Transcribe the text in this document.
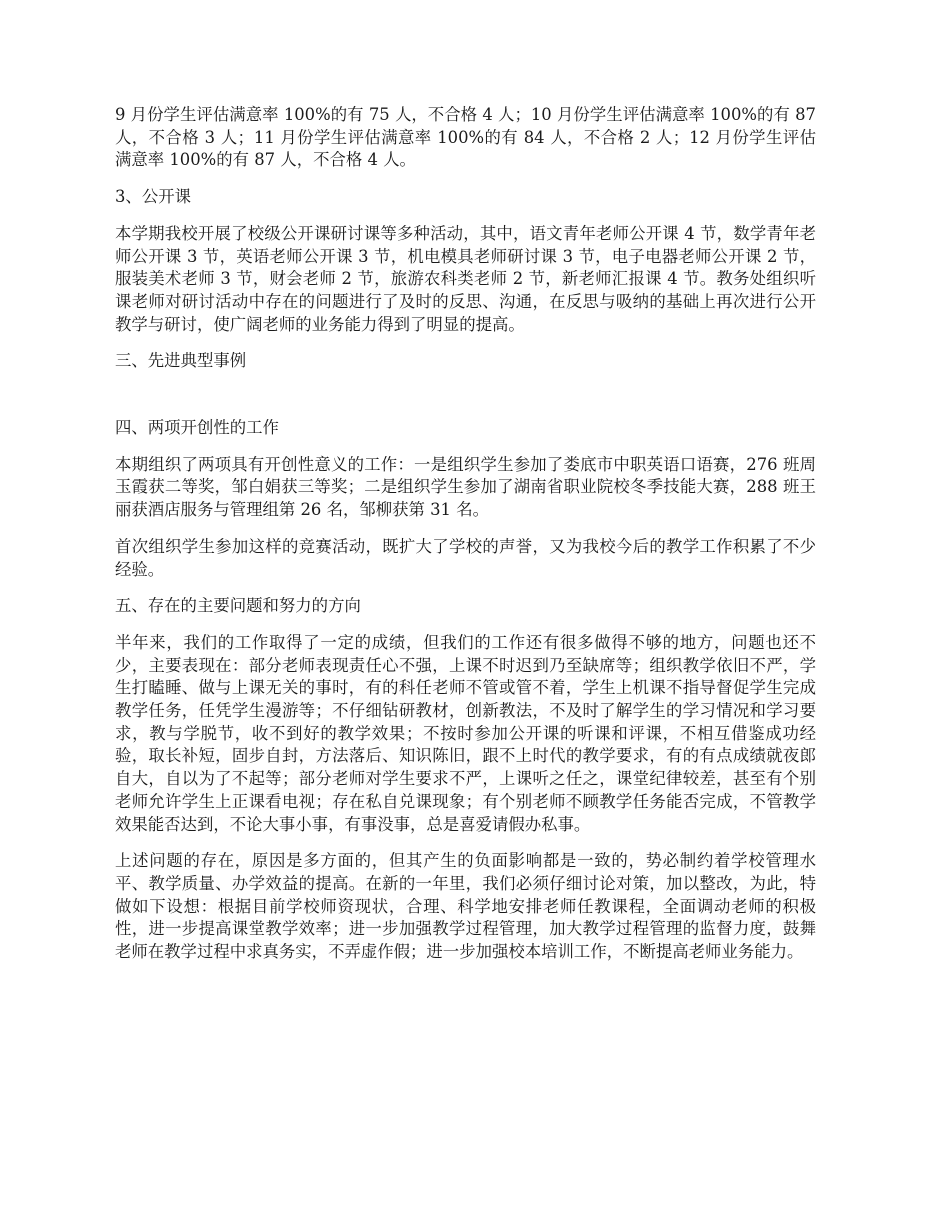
9 月份学生评估满意率 100%的有 75 人，不合格 4 人；10 月份学生评估满意率 100%的有 87 人，不合格 3 人；11 月份学生评估满意率 100%的有 84 人，不合格 2 人；12 月份学生评估满意率 100%的有 87 人，不合格 4 人。

3、公开课

本学期我校开展了校级公开课研讨课等多种活动，其中，语文青年老师公开课 4 节，数学青年老师公开课 3 节，英语老师公开课 3 节，机电模具老师研讨课 3 节，电子电器老师公开课 2 节，服装美术老师 3 节，财会老师 2 节，旅游农科类老师 2 节，新老师汇报课 4 节。教务处组织听课老师对研讨活动中存在的问题进行了及时的反思、沟通，在反思与吸纳的基础上再次进行公开教学与研讨，使广阔老师的业务能力得到了明显的提高。

三、先进典型事例

四、两项开创性的工作

本期组织了两项具有开创性意义的工作：一是组织学生参加了娄底市中职英语口语赛，276 班周玉霞获二等奖，邹白娟获三等奖；二是组织学生参加了湖南省职业院校冬季技能大赛，288 班王丽获酒店服务与管理组第 26 名，邹柳获第 31 名。

首次组织学生参加这样的竞赛活动，既扩大了学校的声誉，又为我校今后的教学工作积累了不少经验。

五、存在的主要问题和努力的方向

半年来，我们的工作取得了一定的成绩，但我们的工作还有很多做得不够的地方，问题也还不少，主要表现在：部分老师表现责任心不强，上课不时迟到乃至缺席等；组织教学依旧不严，学生打瞌睡、做与上课无关的事时，有的科任老师不管或管不着，学生上机课不指导督促学生完成教学任务，任凭学生漫游等；不仔细钻研教材，创新教法，不及时了解学生的学习情况和学习要求，教与学脱节，收不到好的教学效果；不按时参加公开课的听课和评课，不相互借鉴成功经验，取长补短，固步自封，方法落后、知识陈旧，跟不上时代的教学要求，有的有点成绩就夜郎自大，自以为了不起等；部分老师对学生要求不严，上课听之任之，课堂纪律较差，甚至有个别老师允许学生上正课看电视；存在私自兑课现象；有个别老师不顾教学任务能否完成，不管教学效果能否达到，不论大事小事，有事没事，总是喜爱请假办私事。

上述问题的存在，原因是多方面的，但其产生的负面影响都是一致的，势必制约着学校管理水平、教学质量、办学效益的提高。在新的一年里，我们必须仔细讨论对策，加以整改，为此，特做如下设想：根据目前学校师资现状，合理、科学地安排老师任教课程，全面调动老师的积极性，进一步提高课堂教学效率；进一步加强教学过程管理，加大教学过程管理的监督力度，鼓舞老师在教学过程中求真务实，不弄虚作假；进一步加强校本培训工作，不断提高老师业务能力。
